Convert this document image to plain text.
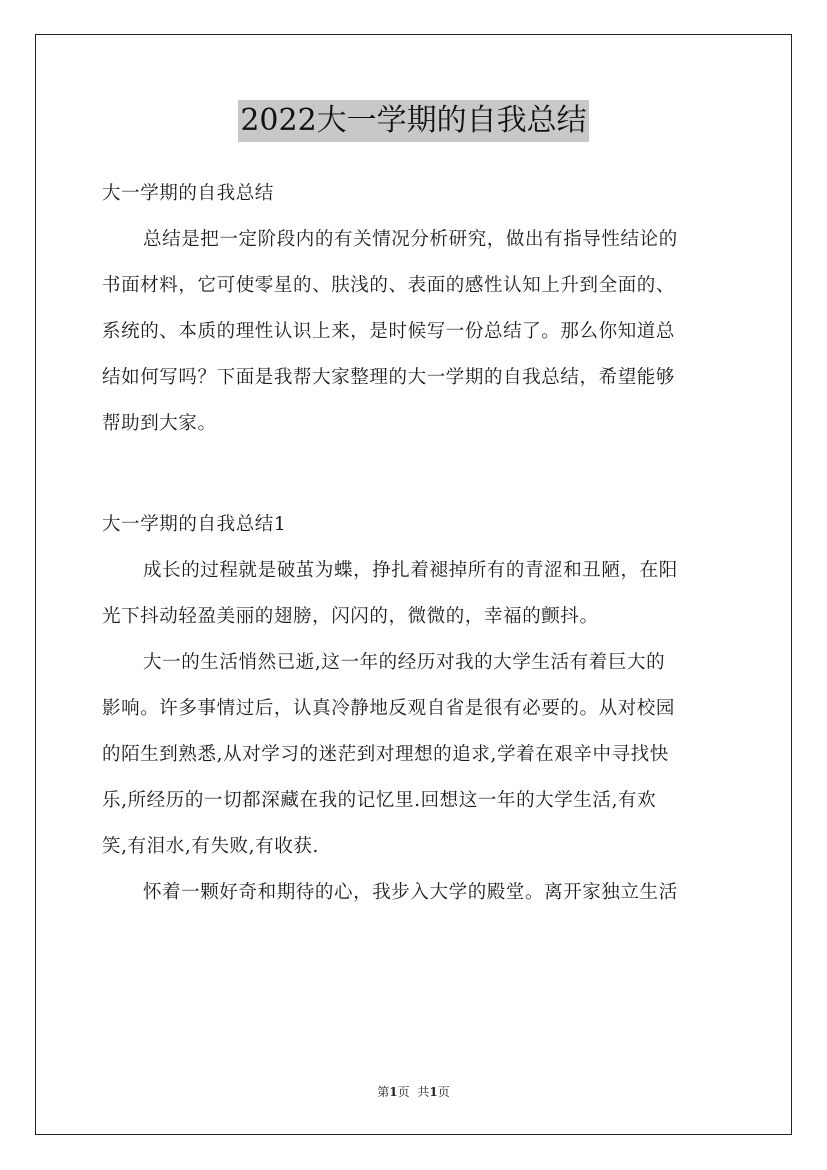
2022大一学期的自我总结
大一学期的自我总结
总结是把一定阶段内的有关情况分析研究，做出有指导性结论的
书面材料，它可使零星的、肤浅的、表面的感性认知上升到全面的、
系统的、本质的理性认识上来，是时候写一份总结了。那么你知道总
结如何写吗？下面是我帮大家整理的大一学期的自我总结，希望能够
帮助到大家。
大一学期的自我总结1
成长的过程就是破茧为蝶，挣扎着褪掉所有的青涩和丑陋，在阳
光下抖动轻盈美丽的翅膀，闪闪的，微微的，幸福的颤抖。
大一的生活悄然已逝,这一年的经历对我的大学生活有着巨大的
影响。许多事情过后，认真冷静地反观自省是很有必要的。从对校园
的陌生到熟悉,从对学习的迷茫到对理想的追求,学着在艰辛中寻找快
乐,所经历的一切都深藏在我的记忆里.回想这一年的大学生活,有欢
笑,有泪水,有失败,有收获.
怀着一颗好奇和期待的心，我步入大学的殿堂。离开家独立生活
第1页 共1页
